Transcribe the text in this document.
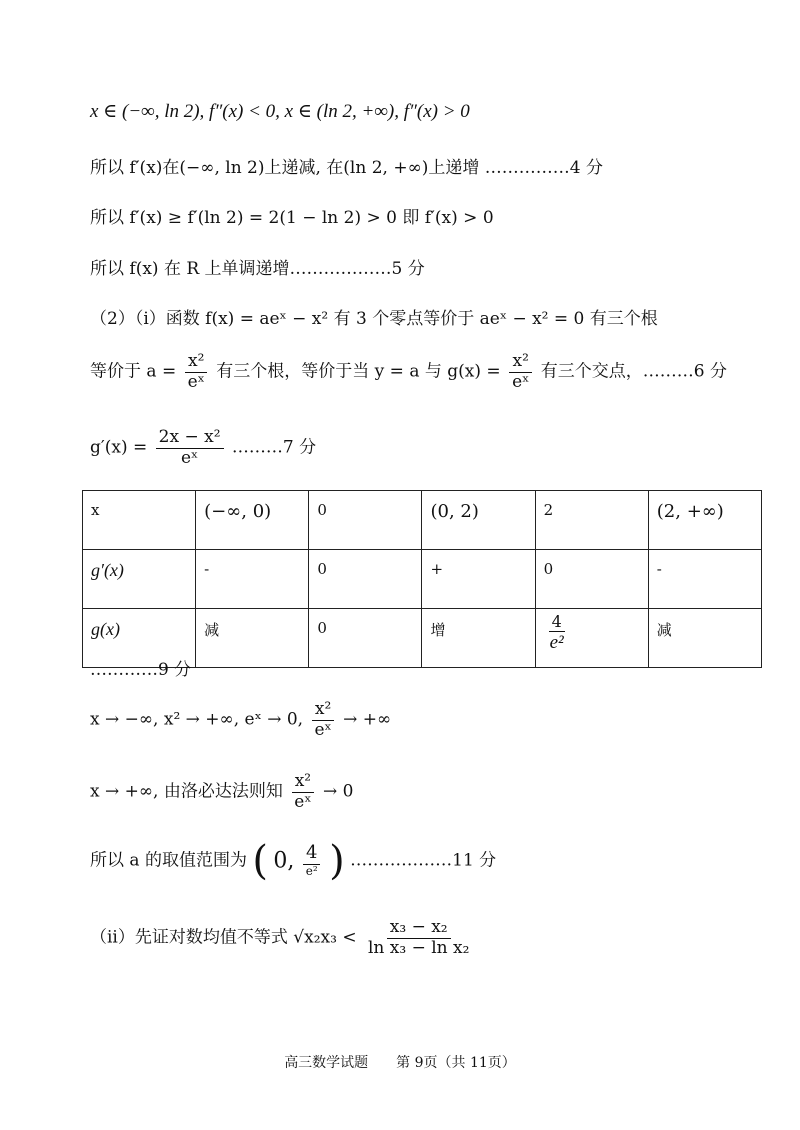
x ∈ (−∞, ln 2), f″(x) < 0, x ∈ (ln 2, +∞), f″(x) > 0
所以 f′(x)在(−∞, ln 2)上递减, 在(ln 2, +∞)上递增 ……………4 分
所以 f′(x) ≥ f′(ln 2) = 2(1 − ln 2) > 0 即 f′(x) > 0
所以 f(x) 在 R 上单调递增………………5 分
（2）（i）函数 f(x) = aeˣ − x² 有 3 个零点等价于 aeˣ − x² = 0 有三个根
等价于 $a = \frac{\text{x²}}{\text{eˣ}}$ 有三个根，等价于当 y = a 与 $g(x) = \frac{\text{x²}}{\text{eˣ}}$ 有三个交点，………6 分
$g'(x) = \frac{\text{2x − x²}}{\text{eˣ}}$ ………7 分
x	(−∞, 0)	0	(0, 2)	2	(2, +∞)
g′(x)	-	0	+	0	-
g(x)	减	0	增	$\frac{4}{\text{e²}}$	减
…………9 分
x → −∞, x² → +∞, eˣ → 0, $\frac{\text{x²}}{\text{eˣ}}$ → +∞
x → +∞, 由洛必达法则知 $\frac{\text{x²}}{\text{eˣ}} \to 0$
所以 a 的取值范围为 ( 0, $\frac{4}{\text{e²}}$ ) ………………11 分
（ii）先证对数均值不等式 $√x_2x_3 < \frac{\text{x₃ − x₂}}{\text{ln x₃ − ln x₂}}$
高三数学试题　　第 9页（共 11页）
